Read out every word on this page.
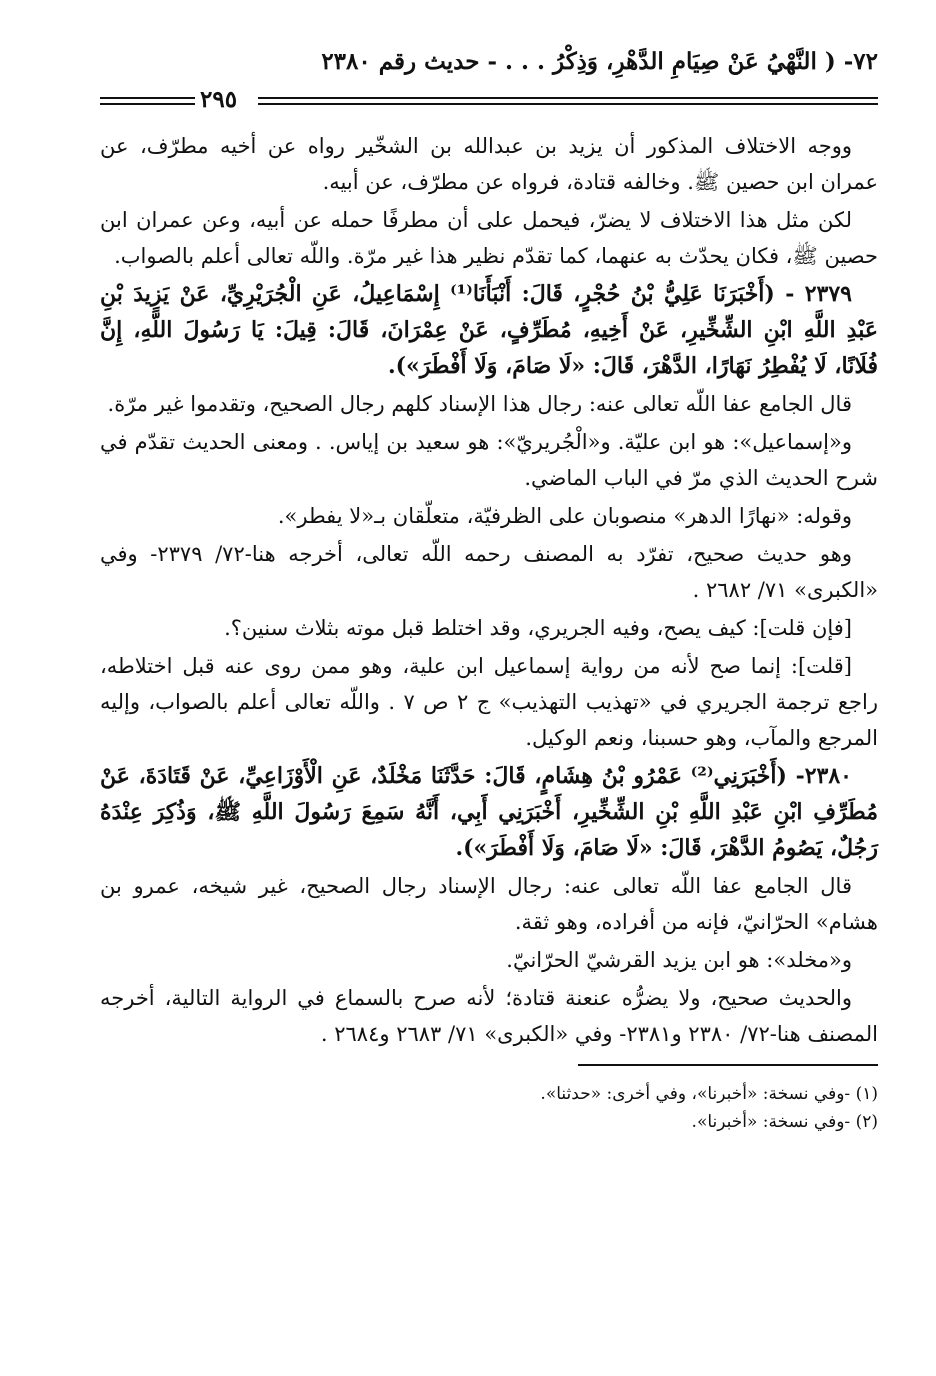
٧٢- ( النَّهْيُ عَنْ صِيَامِ الدَّهْرِ، وَذِكْرُ . . . - حديث رقم ٢٣٨٠
٢٩٥

ووجه الاختلاف المذكور أن يزيد بن عبدالله بن الشخّير رواه عن أخيه مطرّف، عن عمران ابن حصين ﷺ. وخالفه قتادة، فرواه عن مطرّف، عن أبيه.

لكن مثل هذا الاختلاف لا يضرّ، فيحمل على أن مطرفًا حمله عن أبيه، وعن عمران ابن حصين ﷺ، فكان يحدّث به عنهما، كما تقدّم نظير هذا غير مرّة. واللّه تعالى أعلم بالصواب.

٢٣٧٩ - (أَخْبَرَنَا عَلِيُّ بْنُ حُجْرٍ، قَالَ: أَنْبَأَنَا⁽¹⁾ إِسْمَاعِيلُ، عَنِ الْجُرَيْرِيِّ، عَنْ يَزِيدَ بْنِ عَبْدِ اللَّهِ ابْنِ الشِّخِّيرِ، عَنْ أَخِيهِ، مُطَرِّفٍ، عَنْ عِمْرَانَ، قَالَ: قِيلَ: يَا رَسُولَ اللَّهِ، إِنَّ فُلَانًا، لَا يُفْطِرُ نَهَارًا، الدَّهْرَ، قَالَ: «لَا صَامَ، وَلَا أَفْطَرَ»).

قال الجامع عفا اللّه تعالى عنه: رجال هذا الإسناد كلهم رجال الصحيح، وتقدموا غير مرّة.

و«إسماعيل»: هو ابن عليّة. و«الْجُريريّ»: هو سعيد بن إياس. . ومعنى الحديث تقدّم في شرح الحديث الذي مرّ في الباب الماضي.

وقوله: «نهارًا الدهر» منصوبان على الظرفيّة، متعلّقان بـ«لا يفطر».

وهو حديث صحيح، تفرّد به المصنف رحمه اللّه تعالى، أخرجه هنا-٧٢/ ٢٣٧٩- وفي «الكبرى» ٧١/ ٢٦٨٢ .

[فإن قلت]: كيف يصح، وفيه الجريري، وقد اختلط قبل موته بثلاث سنين؟.

[قلت]: إنما صح لأنه من رواية إسماعيل ابن علية، وهو ممن روى عنه قبل اختلاطه، راجع ترجمة الجريري في «تهذيب التهذيب» ج ٢ ص ٧ . واللّه تعالى أعلم بالصواب، وإليه المرجع والمآب، وهو حسبنا، ونعم الوكيل.

٢٣٨٠- (أَخْبَرَنِي⁽²⁾ عَمْرُو بْنُ هِشَامٍ، قَالَ: حَدَّثَنَا مَخْلَدٌ، عَنِ الْأَوْزَاعِيِّ، عَنْ قَتَادَةَ، عَنْ مُطَرِّفِ ابْنِ عَبْدِ اللَّهِ بْنِ الشِّخِّيرِ، أَخْبَرَنِي أَبِي، أَنَّهُ سَمِعَ رَسُولَ اللَّهِ ﷺ، وَذُكِرَ عِنْدَهُ رَجُلٌ، يَصُومُ الدَّهْرَ، قَالَ: «لَا صَامَ، وَلَا أَفْطَرَ»).

قال الجامع عفا اللّه تعالى عنه: رجال الإسناد رجال الصحيح، غير شيخه، عمرو بن هشام» الحرّانيّ، فإنه من أفراده، وهو ثقة.

و«مخلد»: هو ابن يزيد القرشيّ الحرّانيّ.

والحديث صحيح، ولا يضرُّه عنعنة قتادة؛ لأنه صرح بالسماع في الرواية التالية، أخرجه المصنف هنا-٧٢/ ٢٣٨٠ و٢٣٨١- وفي «الكبرى» ٧١/ ٢٦٨٣ و٢٦٨٤ .

(١) -وفي نسخة: «أخبرنا»، وفي أخرى: «حدثنا».

(٢) -وفي نسخة: «أخبرنا».
